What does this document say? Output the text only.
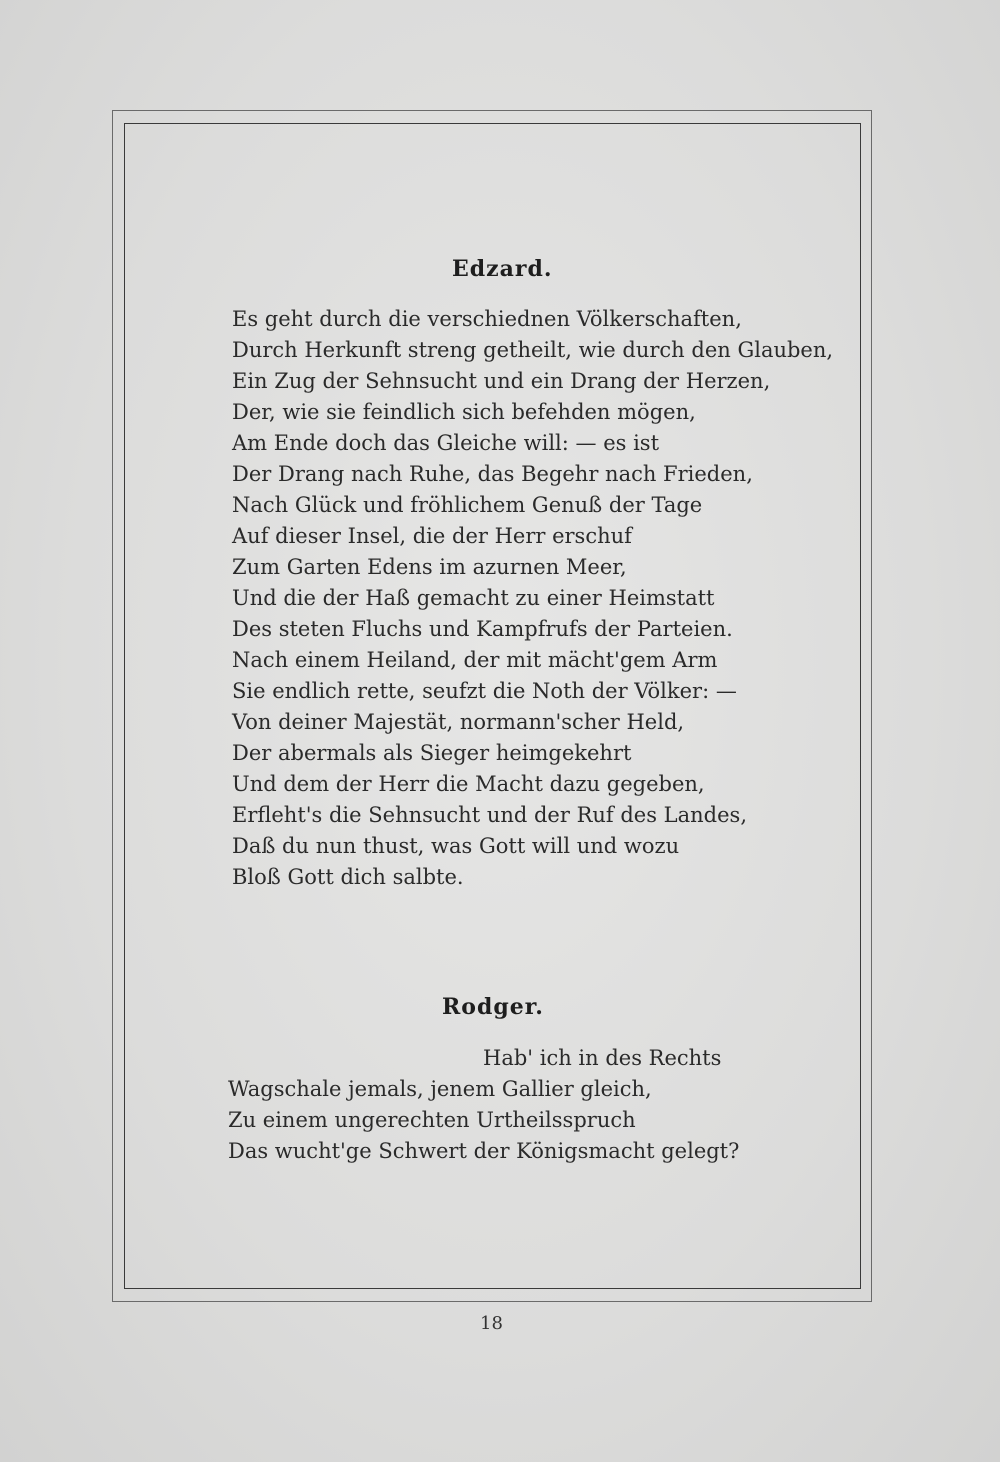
Edzard.
Es geht durch die verschiednen Völkerschaften,
Durch Herkunft streng getheilt, wie durch den Glauben,
Ein Zug der Sehnsucht und ein Drang der Herzen,
Der, wie sie feindlich sich befehden mögen,
Am Ende doch das Gleiche will: — es ist
Der Drang nach Ruhe, das Begehr nach Frieden,
Nach Glück und fröhlichem Genuß der Tage
Auf dieser Insel, die der Herr erschuf
Zum Garten Edens im azurnen Meer,
Und die der Haß gemacht zu einer Heimstatt
Des steten Fluchs und Kampfrufs der Parteien.
Nach einem Heiland, der mit mächt'gem Arm
Sie endlich rette, seufzt die Noth der Völker: —
Von deiner Majestät, normann'scher Held,
Der abermals als Sieger heimgekehrt
Und dem der Herr die Macht dazu gegeben,
Erfleht's die Sehnsucht und der Ruf des Landes,
Daß du nun thust, was Gott will und wozu
Bloß Gott dich salbte.
Rodger.
Hab' ich in des Rechts
Wagschale jemals, jenem Gallier gleich,
Zu einem ungerechten Urtheilsspruch
Das wucht'ge Schwert der Königsmacht gelegt?
18
